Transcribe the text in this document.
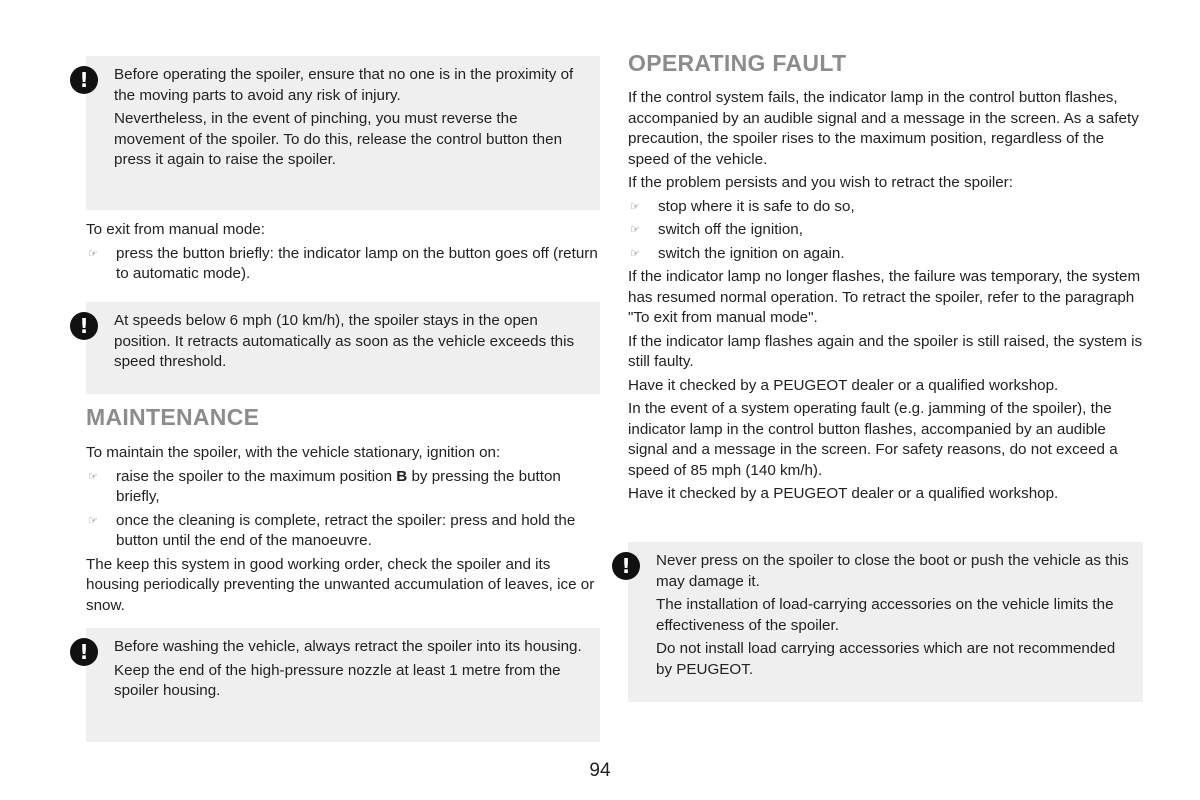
!	Before operating the spoiler, ensure that no one is in the proximity of the moving parts to avoid any risk of injury.

Nevertheless, in the event of pinching, you must reverse the movement of the spoiler. To do this, release the control button then press it again to raise the spoiler.

To exit from manual mode:

☞ press the button briefly: the indicator lamp on the button goes off (return to automatic mode).
!	At speeds below 6 mph (10 km/h), the spoiler stays in the open position. It retracts automatically as soon as the vehicle exceeds this speed threshold.

MAINTENANCE

To maintain the spoiler, with the vehicle stationary, ignition on:

☞ raise the spoiler to the maximum position B by pressing the button briefly,
☞ once the cleaning is complete, retract the spoiler: press and hold the button until the end of the manoeuvre.

The keep this system in good working order, check the spoiler and its housing periodically preventing the unwanted accumulation of leaves, ice or snow.

!	Before washing the vehicle, always retract the spoiler into its housing.

Keep the end of the high-pressure nozzle at least 1 metre from the spoiler housing.

OPERATING FAULT

If the control system fails, the indicator lamp in the control button flashes, accompanied by an audible signal and a message in the screen. As a safety precaution, the spoiler rises to the maximum position, regardless of the speed of the vehicle.

If the problem persists and you wish to retract the spoiler:

☞ stop where it is safe to do so,
☞ switch off the ignition,
☞ switch the ignition on again.

If the indicator lamp no longer flashes, the failure was temporary, the system has resumed normal operation. To retract the spoiler, refer to the paragraph "To exit from manual mode".

If the indicator lamp flashes again and the spoiler is still raised, the system is still faulty.

Have it checked by a PEUGEOT dealer or a qualified workshop.

In the event of a system operating fault (e.g. jamming of the spoiler), the indicator lamp in the control button flashes, accompanied by an audible signal and a message in the screen. For safety reasons, do not exceed a speed of 85 mph (140 km/h).

Have it checked by a PEUGEOT dealer or a qualified workshop.

!	Never press on the spoiler to close the boot or push the vehicle as this may damage it.

The installation of load-carrying accessories on the vehicle limits the effectiveness of the spoiler.

Do not install load carrying accessories which are not recommended by PEUGEOT.

94
